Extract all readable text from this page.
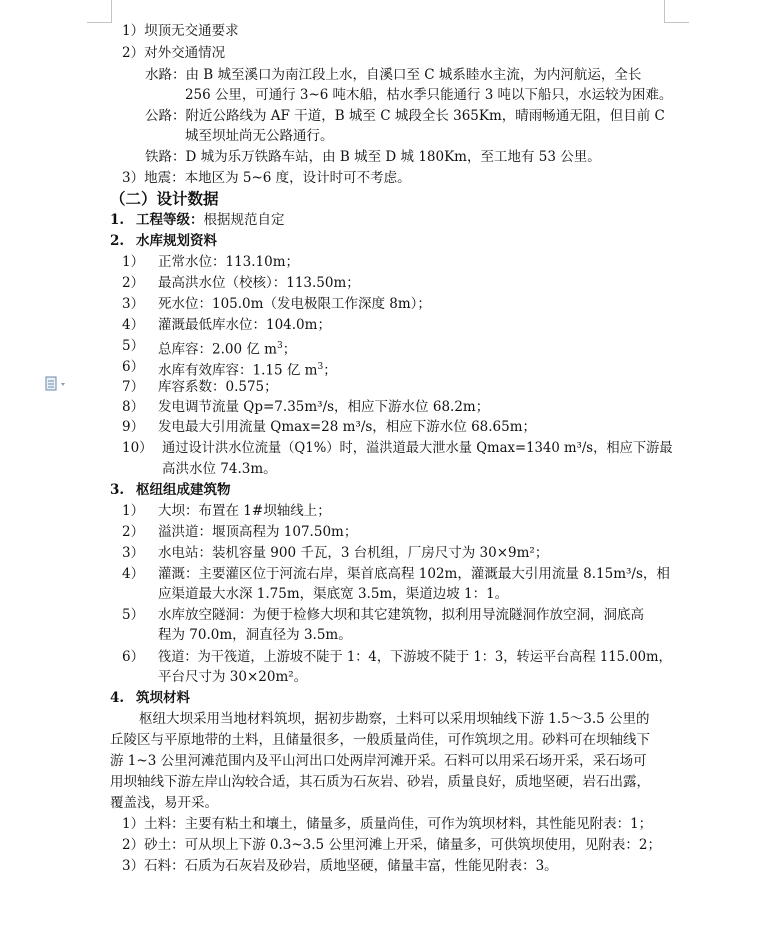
1）坝顶无交通要求
2）对外交通情况
水路：由 B 城至溪口为南江段上水，自溪口至 C 城系睦水主流，为内河航运，全长
256 公里，可通行 3~6 吨木船，枯水季只能通行 3 吨以下船只，水运较为困难。
公路：附近公路线为 AF 干道，B 城至 C 城段全长 365Km，晴雨畅通无阻，但目前 C
城至坝址尚无公路通行。
铁路：D 城为乐万铁路车站，由 B 城至 D 城 180Km，至工地有 53 公里。
3）地震：本地区为 5~6 度，设计时可不考虑。
（二）设计数据
1. 工程等级：根据规范自定
2. 水库规划资料
1） 正常水位：113.10m；
2） 最高洪水位（校核）：113.50m；
3） 死水位：105.0m（发电极限工作深度 8m）；
4） 灌溉最低库水位：104.0m；
5） 总库容：2.00 亿 $m^3$；
6） 水库有效库容：1.15 亿 $m^3$；
7） 库容系数：0.575；
8） 发电调节流量 Qp=7.35m³/s，相应下游水位 68.2m；
9） 发电最大引用流量 Qmax=28 m³/s，相应下游水位 68.65m；
10） 通过设计洪水位流量（Q1%）时，溢洪道最大泄水量 Qmax=1340 m³/s，相应下游最
高洪水位 74.3m。
3. 枢纽组成建筑物
1） 大坝：布置在 1#坝轴线上；
2） 溢洪道：堰顶高程为 107.50m；
3） 水电站：装机容量 900 千瓦，3 台机组，厂房尺寸为 30×9m²；
4） 灌溉：主要灌区位于河流右岸，渠首底高程 102m，灌溉最大引用流量 8.15m³/s，相
应渠道最大水深 1.75m，渠底宽 3.5m，渠道边坡 1：1。
5） 水库放空隧洞：为便于检修大坝和其它建筑物，拟利用导流隧洞作放空洞，洞底高
程为 70.0m，洞直径为 3.5m。
6） 筏道：为干筏道，上游坡不陡于 1：4，下游坡不陡于 1：3，转运平台高程 115.00m，
平台尺寸为 30×20m²。
4. 筑坝材料
枢纽大坝采用当地材料筑坝，据初步勘察，土料可以采用坝轴线下游 1.5～3.5 公里的
丘陵区与平原地带的土料，且储量很多，一般质量尚佳，可作筑坝之用。砂料可在坝轴线下
游 1~3 公里河滩范围内及平山河出口处两岸河滩开采。石料可以用采石场开采，采石场可
用坝轴线下游左岸山沟较合适，其石质为石灰岩、砂岩，质量良好，质地坚硬，岩石出露，
覆盖浅，易开采。
1）土料：主要有粘土和壤土，储量多，质量尚佳，可作为筑坝材料，其性能见附表：1；
2）砂土：可从坝上下游 0.3~3.5 公里河滩上开采，储量多，可供筑坝使用，见附表：2；
3）石料：石质为石灰岩及砂岩，质地坚硬，储量丰富，性能见附表：3。
